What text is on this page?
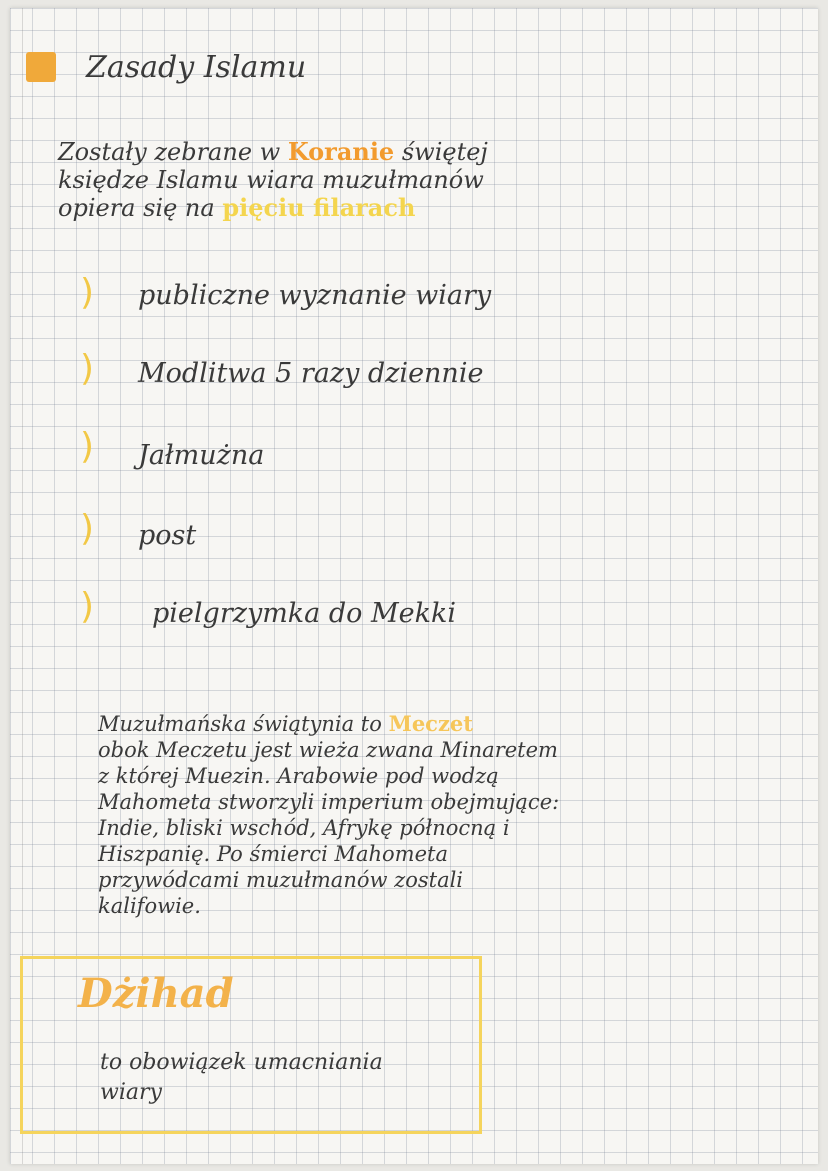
Zasady Islamu
Zostały zebrane w Koranie świętej
księdze Islamu wiara muzułmanów
opiera się na pięciu filarach
) publiczne wyznanie wiary
) Modlitwa 5 razy dziennie
) Jałmużna
) post
) pielgrzymka do Mekki
Muzułmańska świątynia to Meczet
obok Meczetu jest wieża zwana Minaretem
z której Muezin. Arabowie pod wodzą
Mahometa stworzyli imperium obejmujące:
Indie, bliski wschód, Afrykę północną i
Hiszpanię. Po śmierci Mahometa
przywódcami muzułmanów zostali
kalifowie.
Dżihad
to obowiązek umacniania
wiary
